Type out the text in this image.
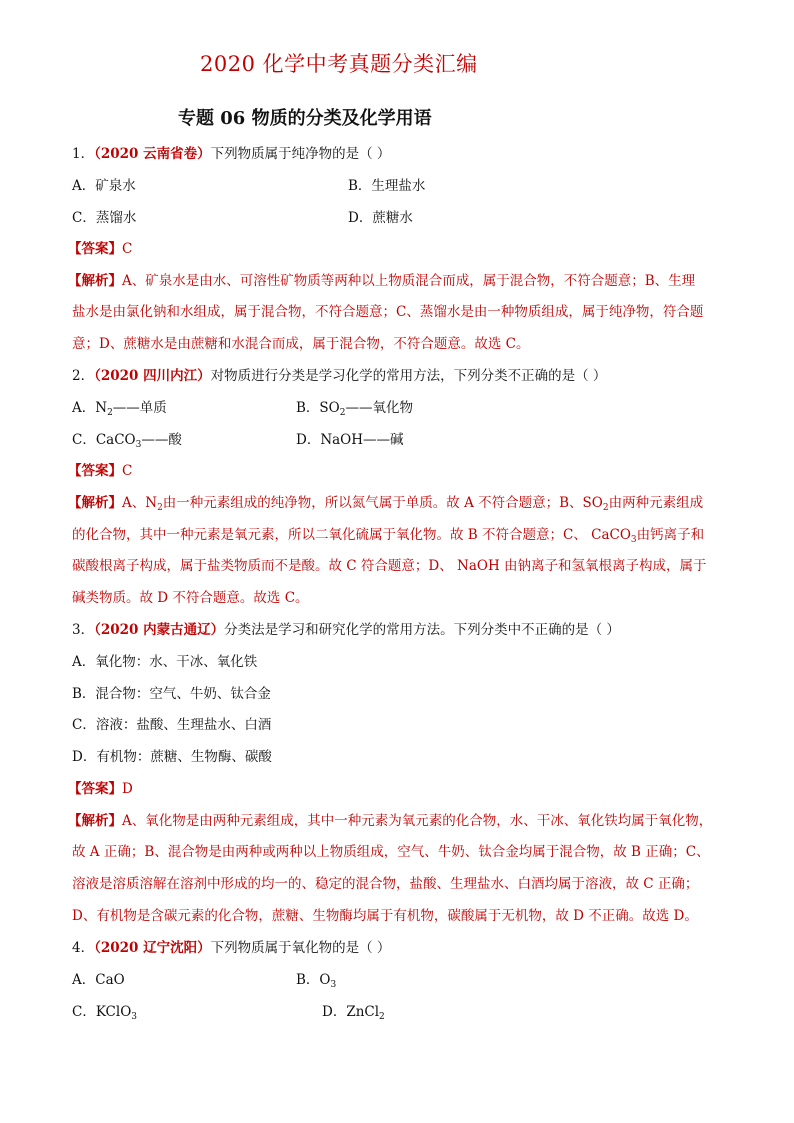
2020 化学中考真题分类汇编
专题 06 物质的分类及化学用语
1．（2020 云南省卷）下列物质属于纯净物的是（ ）
A．矿泉水	B．生理盐水
C．蒸馏水	D．蔗糖水
【答案】C
【解析】A、矿泉水是由水、可溶性矿物质等两种以上物质混合而成，属于混合物，不符合题意；B、生理
盐水是由氯化钠和水组成，属于混合物，不符合题意；C、蒸馏水是由一种物质组成，属于纯净物，符合题
意；D、蔗糖水是由蔗糖和水混合而成，属于混合物，不符合题意。故选 C。
2．（2020 四川内江）对物质进行分类是学习化学的常用方法，下列分类不正确的是（ ）
A．$N_2——$单质	B．$SO_2——$氧化物
C．CaCO$_3$——酸	D．NaOH——碱
【答案】C
【解析】A、$N_2$由一种元素组成的纯净物，所以氮气属于单质。故 A 不符合题意；B、$SO_2$由两种元素组成
的化合物，其中一种元素是氧元素，所以二氧化硫属于氧化物。故 B 不符合题意；C、 CaCO$_3$由钙离子和
碳酸根离子构成，属于盐类物质而不是酸。故 C 符合题意；D、 NaOH 由钠离子和氢氧根离子构成，属于
碱类物质。故 D 不符合题意。故选 C。
3．（2020 内蒙古通辽）分类法是学习和研究化学的常用方法。下列分类中不正确的是（ ）
A．氧化物：水、干冰、氧化铁
B．混合物：空气、牛奶、钛合金
C．溶液：盐酸、生理盐水、白酒
D．有机物：蔗糖、生物酶、碳酸
【答案】D
【解析】A、氧化物是由两种元素组成，其中一种元素为氧元素的化合物，水、干冰、氧化铁均属于氧化物，
故 A 正确；B、混合物是由两种或两种以上物质组成，空气、牛奶、钛合金均属于混合物，故 B 正确；C、
溶液是溶质溶解在溶剂中形成的均一的、稳定的混合物，盐酸、生理盐水、白酒均属于溶液，故 C 正确；
D、有机物是含碳元素的化合物，蔗糖、生物酶均属于有机物，碳酸属于无机物，故 D 不正确。故选 D。
4．（2020 辽宁沈阳）下列物质属于氧化物的是（ ）
A．CaO	B．$O_3$
C．KClO$_3$	D．ZnCl$_2$
